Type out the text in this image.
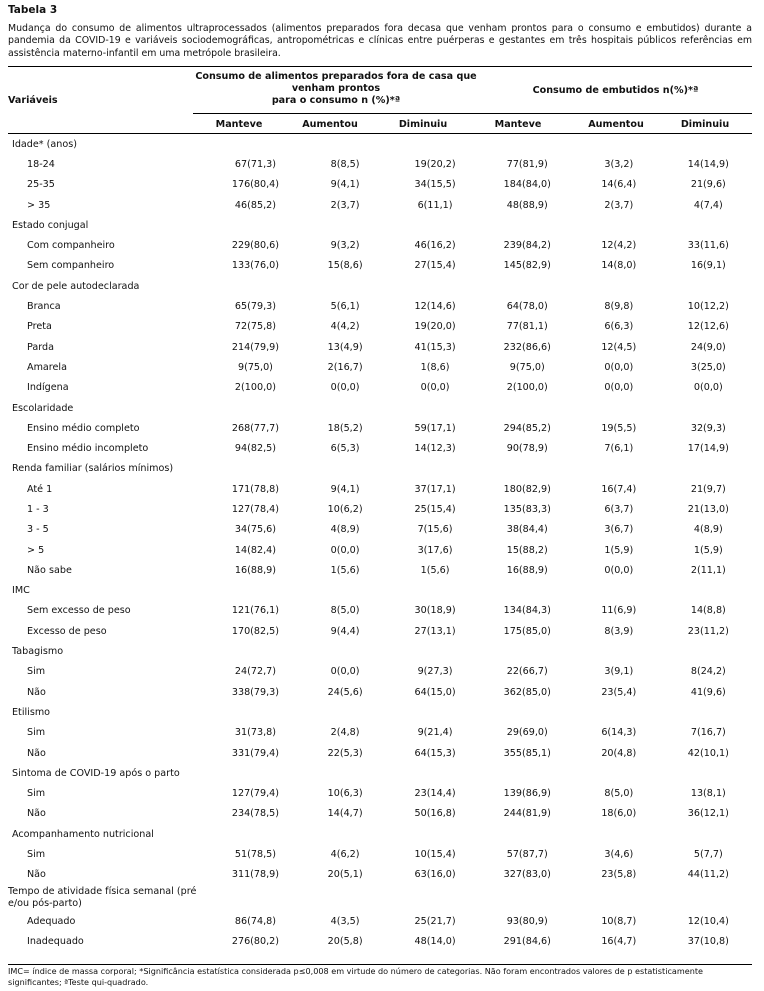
Tabela 3
Mudança do consumo de alimentos ultraprocessados (alimentos preparados fora decasa que venham prontos para o consumo e embutidos) durante a pandemia da COVID-19 e variáveis sociodemográficas, antropométricas e clínicas entre puérperas e gestantes em três hospitais públicos referências em assistência materno-infantil em uma metrópole brasileira.
Variáveis
Consumo de alimentos preparados fora de casa que
venham prontos
para o consumo n (%)*ª
Consumo de embutidos n(%)*ª
Manteve	Aumentou	Diminuiu	Manteve	Aumentou	Diminuiu
Idade* (anos)						
18-24	67(71,3)	8(8,5)	19(20,2)	77(81,9)	3(3,2)	14(14,9)
25-35	176(80,4)	9(4,1)	34(15,5)	184(84,0)	14(6,4)	21(9,6)
> 35	46(85,2)	2(3,7)	6(11,1)	48(88,9)	2(3,7)	4(7,4)
Estado conjugal						
Com companheiro	229(80,6)	9(3,2)	46(16,2)	239(84,2)	12(4,2)	33(11,6)
Sem companheiro	133(76,0)	15(8,6)	27(15,4)	145(82,9)	14(8,0)	16(9,1)
Cor de pele autodeclarada						
Branca	65(79,3)	5(6,1)	12(14,6)	64(78,0)	8(9,8)	10(12,2)
Preta	72(75,8)	4(4,2)	19(20,0)	77(81,1)	6(6,3)	12(12,6)
Parda	214(79,9)	13(4,9)	41(15,3)	232(86,6)	12(4,5)	24(9,0)
Amarela	9(75,0)	2(16,7)	1(8,6)	9(75,0)	0(0,0)	3(25,0)
Indígena	2(100,0)	0(0,0)	0(0,0)	2(100,0)	0(0,0)	0(0,0)
Escolaridade						
Ensino médio completo	268(77,7)	18(5,2)	59(17,1)	294(85,2)	19(5,5)	32(9,3)
Ensino médio incompleto	94(82,5)	6(5,3)	14(12,3)	90(78,9)	7(6,1)	17(14,9)
Renda familiar (salários mínimos)						
Até 1	171(78,8)	9(4,1)	37(17,1)	180(82,9)	16(7,4)	21(9,7)
1 - 3	127(78,4)	10(6,2)	25(15,4)	135(83,3)	6(3,7)	21(13,0)
3 - 5	34(75,6)	4(8,9)	7(15,6)	38(84,4)	3(6,7)	4(8,9)
> 5	14(82,4)	0(0,0)	3(17,6)	15(88,2)	1(5,9)	1(5,9)
Não sabe	16(88,9)	1(5,6)	1(5,6)	16(88,9)	0(0,0)	2(11,1)
IMC						
Sem excesso de peso	121(76,1)	8(5,0)	30(18,9)	134(84,3)	11(6,9)	14(8,8)
Excesso de peso	170(82,5)	9(4,4)	27(13,1)	175(85,0)	8(3,9)	23(11,2)
Tabagismo						
Sim	24(72,7)	0(0,0)	9(27,3)	22(66,7)	3(9,1)	8(24,2)
Não	338(79,3)	24(5,6)	64(15,0)	362(85,0)	23(5,4)	41(9,6)
Etilismo						
Sim	31(73,8)	2(4,8)	9(21,4)	29(69,0)	6(14,3)	7(16,7)
Não	331(79,4)	22(5,3)	64(15,3)	355(85,1)	20(4,8)	42(10,1)
Sintoma de COVID-19 após o parto						
Sim	127(79,4)	10(6,3)	23(14,4)	139(86,9)	8(5,0)	13(8,1)
Não	234(78,5)	14(4,7)	50(16,8)	244(81,9)	18(6,0)	36(12,1)
Acompanhamento nutricional						
Sim	51(78,5)	4(6,2)	10(15,4)	57(87,7)	3(4,6)	5(7,7)
Não	311(78,9)	20(5,1)	63(16,0)	327(83,0)	23(5,8)	44(11,2)
Tempo de atividade física semanal (pré e/ou pós-parto)						
Adequado	86(74,8)	4(3,5)	25(21,7)	93(80,9)	10(8,7)	12(10,4)
Inadequado	276(80,2)	20(5,8)	48(14,0)	291(84,6)	16(4,7)	37(10,8)
IMC= índice de massa corporal; *Significância estatística considerada p≤0,008 em virtude do número de categorias. Não foram encontrados valores de p estatisticamente significantes; ªTeste qui-quadrado.
